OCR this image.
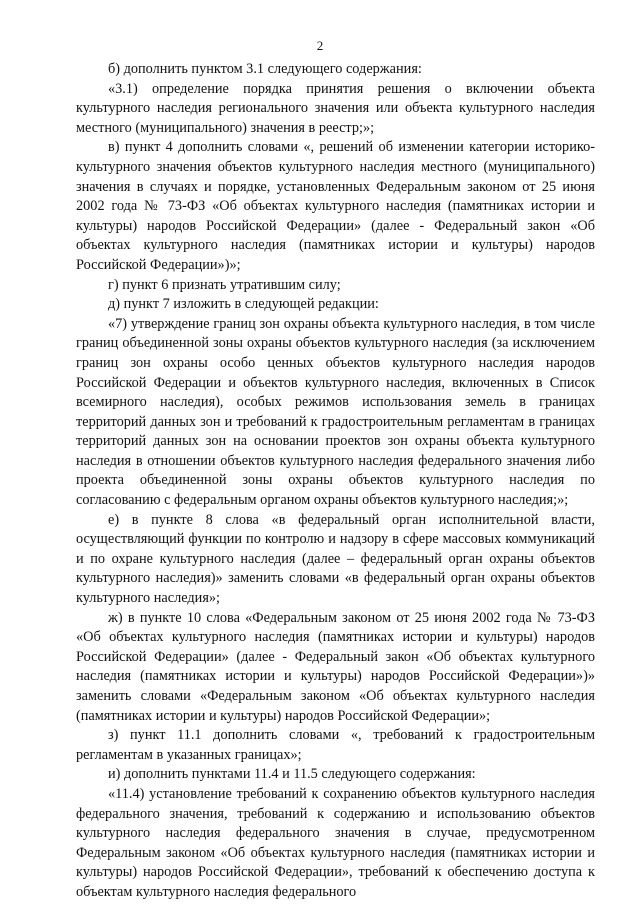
2

б) дополнить пунктом 3.1 следующего содержания:

«3.1) определение порядка принятия решения о включении объекта культурного наследия регионального значения или объекта культурного наследия местного (муниципального) значения в реестр;»;

в) пункт 4 дополнить словами «, решений об изменении категории историко-культурного значения объектов культурного наследия местного (муниципального) значения в случаях и порядке, установленных Федеральным законом от 25 июня 2002 года № 73-ФЗ «Об объектах культурного наследия (памятниках истории и культуры) народов Российской Федерации» (далее - Федеральный закон «Об объектах культурного наследия (памятниках истории и культуры) народов Российской Федерации»)»;

г) пункт 6 признать утратившим силу;

д) пункт 7 изложить в следующей редакции:

«7) утверждение границ зон охраны объекта культурного наследия, в том числе границ объединенной зоны охраны объектов культурного наследия (за исключением границ зон охраны особо ценных объектов культурного наследия народов Российской Федерации и объектов культурного наследия, включенных в Список всемирного наследия), особых режимов использования земель в границах территорий данных зон и требований к градостроительным регламентам в границах территорий данных зон на основании проектов зон охраны объекта культурного наследия в отношении объектов культурного наследия федерального значения либо проекта объединенной зоны охраны объектов культурного наследия по согласованию с федеральным органом охраны объектов культурного наследия;»;

е) в пункте 8 слова «в федеральный орган исполнительной власти, осуществляющий функции по контролю и надзору в сфере массовых коммуникаций и по охране культурного наследия (далее – федеральный орган охраны объектов культурного наследия)» заменить словами «в федеральный орган охраны объектов культурного наследия»;

ж) в пункте 10 слова «Федеральным законом от 25 июня 2002 года № 73-ФЗ «Об объектах культурного наследия (памятниках истории и культуры) народов Российской Федерации» (далее - Федеральный закон «Об объектах культурного наследия (памятниках истории и культуры) народов Российской Федерации»)» заменить словами «Федеральным законом «Об объектах культурного наследия (памятниках истории и культуры) народов Российской Федерации»;

з) пункт 11.1 дополнить словами «, требований к градостроительным регламентам в указанных границах»;

и) дополнить пунктами 11.4 и 11.5 следующего содержания:

«11.4) установление требований к сохранению объектов культурного наследия федерального значения, требований к содержанию и использованию объектов культурного наследия федерального значения в случае, предусмотренном Федеральным законом «Об объектах культурного наследия (памятниках истории и культуры) народов Российской Федерации», требований к обеспечению доступа к объектам культурного наследия федерального
